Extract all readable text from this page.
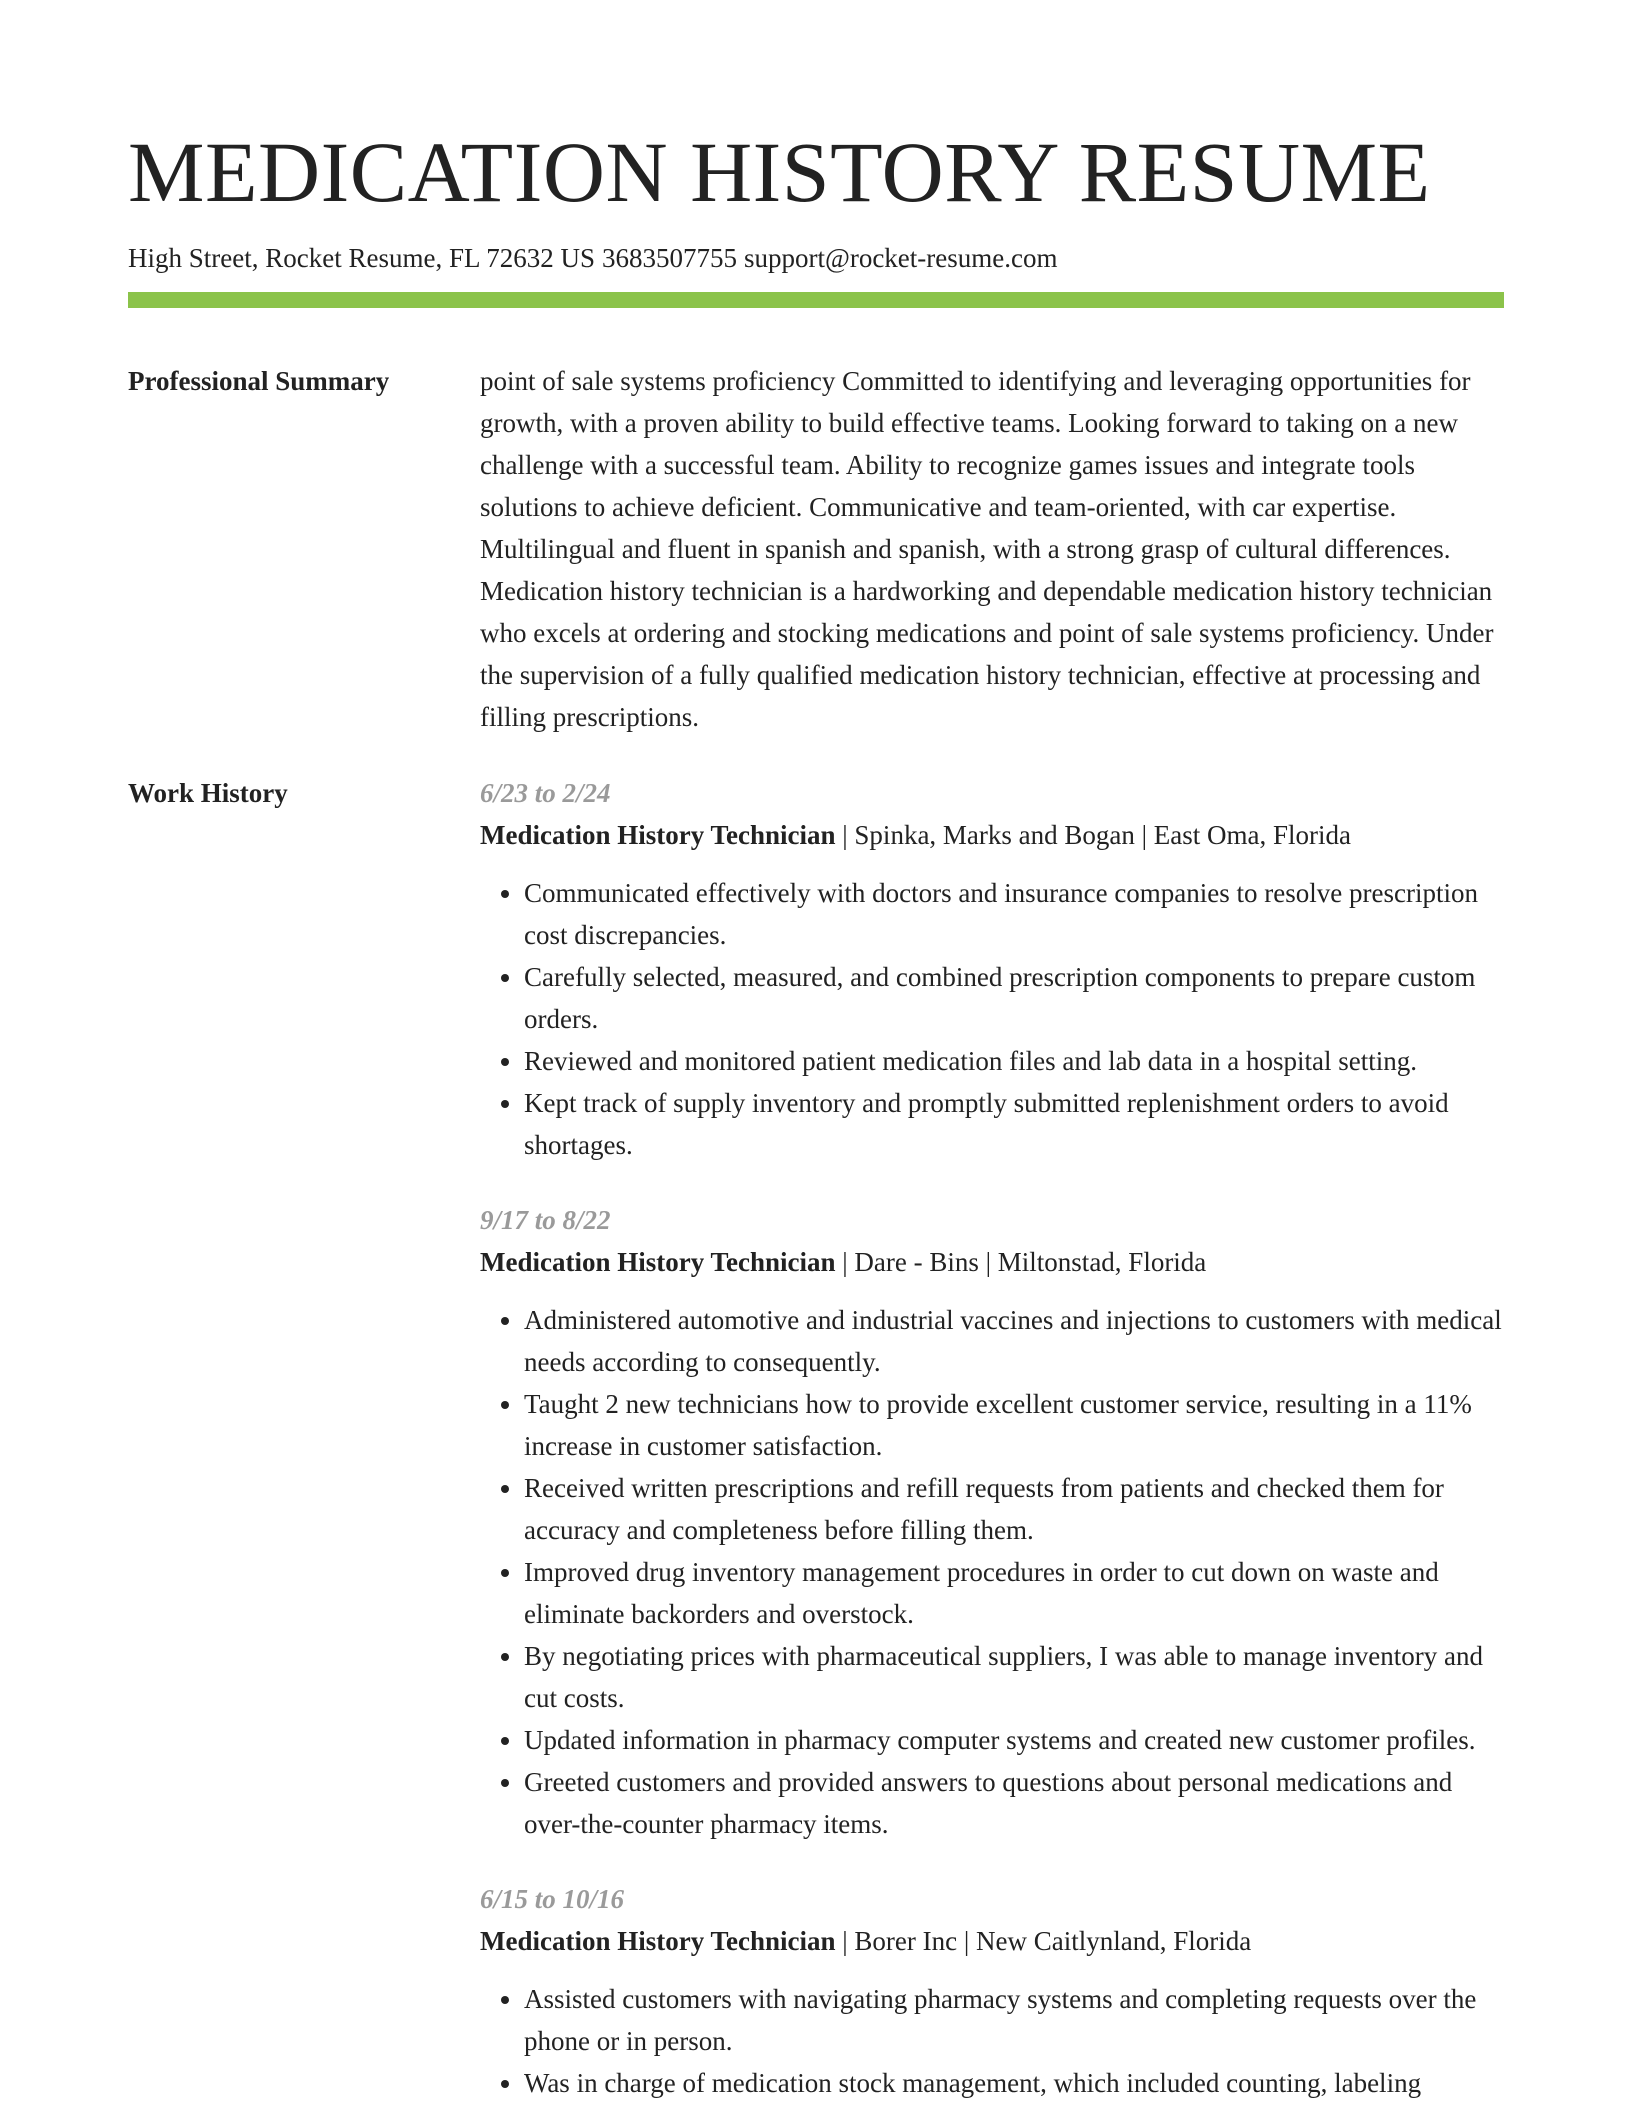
MEDICATION HISTORY RESUME
High Street, Rocket Resume, FL 72632 US 3683507755 support@rocket-resume.com
Professional Summary	point of sale systems proficiency Committed to identifying and leveraging opportunities for growth, with a proven ability to build effective teams. Looking forward to taking on a new challenge with a successful team. Ability to recognize games issues and integrate tools solutions to achieve deficient. Communicative and team-oriented, with car expertise. Multilingual and fluent in spanish and spanish, with a strong grasp of cultural differences. Medication history technician is a hardworking and dependable medication history technician who excels at ordering and stocking medications and point of sale systems proficiency. Under the supervision of a fully qualified medication history technician, effective at processing and filling prescriptions.

Work History	6/23 to 2/24
Medication History Technician | Spinka, Marks and Bogan | East Oma, Florida
• Communicated effectively with doctors and insurance companies to resolve prescription cost discrepancies.
• Carefully selected, measured, and combined prescription components to prepare custom orders.
• Reviewed and monitored patient medication files and lab data in a hospital setting.
• Kept track of supply inventory and promptly submitted replenishment orders to avoid shortages.
9/17 to 8/22
Medication History Technician | Dare - Bins | Miltonstad, Florida
• Administered automotive and industrial vaccines and injections to customers with medical needs according to consequently.
• Taught 2 new technicians how to provide excellent customer service, resulting in a 11% increase in customer satisfaction.
• Received written prescriptions and refill requests from patients and checked them for accuracy and completeness before filling them.
• Improved drug inventory management procedures in order to cut down on waste and eliminate backorders and overstock.
• By negotiating prices with pharmaceutical suppliers, I was able to manage inventory and cut costs.
• Updated information in pharmacy computer systems and created new customer profiles.
• Greeted customers and provided answers to questions about personal medications and over-the-counter pharmacy items.
6/15 to 10/16
Medication History Technician | Borer Inc | New Caitlynland, Florida
• Assisted customers with navigating pharmacy systems and completing requests over the phone or in person.
• Was in charge of medication stock management, which included counting, labeling
